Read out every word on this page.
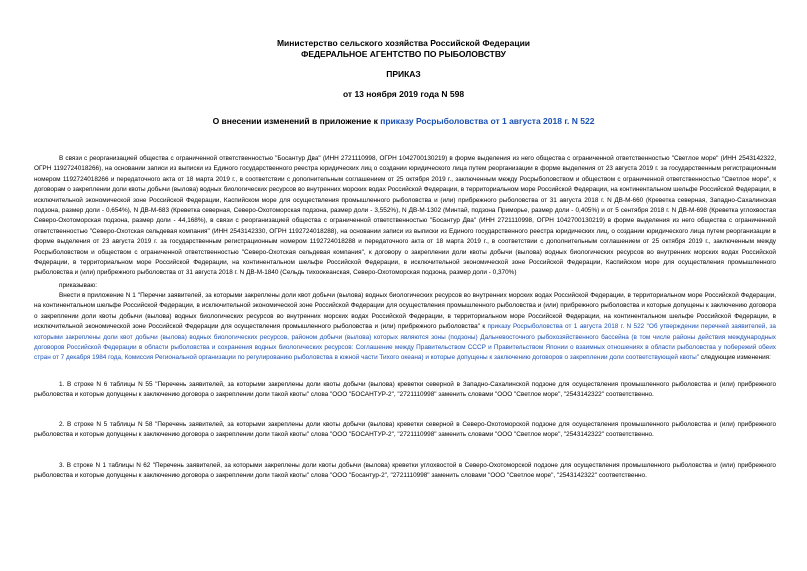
Министерство сельского хозяйства Российской Федерации
ФЕДЕРАЛЬНОЕ АГЕНТСТВО ПО РЫБОЛОВСТВУ
ПРИКАЗ
от 13 ноября 2019 года N 598
О внесении изменений в приложение к приказу Росрыболовства от 1 августа 2018 г. N 522
В связи с реорганизацией общества с ограниченной ответственностью "Босантур Два" (ИНН 2721110998, ОГРН 1042700130219) в форме выделения из него общества с ограниченной ответственностью "Светлое море" (ИНН 2543142322, ОГРН 1192724018266), на основании записи из выписки из Единого государственного реестра юридических лиц о создании юридического лица путем реорганизации в форме выделения от 23 августа 2019 г. за государственным регистрационным номером 1192724018266 и передаточного акта от 18 марта 2019 г., в соответствии с дополнительным соглашением от 25 октября 2019 г., заключенным между Росрыболовством и обществом с ограниченной ответственностью "Светлое море", к договорам о закреплении доли квоты добычи (вылова) водных биологических ресурсов во внутренних морских водах Российской Федерации, в территориальном море Российской Федерации, на континентальном шельфе Российской Федерации, в исключительной экономической зоне Российской Федерации, Каспийском море для осуществления промышленного рыболовства и (или) прибрежного рыболовства от 31 августа 2018 г. N ДВ-М-660 (Креветка северная, Западно-Сахалинская подзона, размер доли - 0,654%), N ДВ-М-683 (Креветка северная, Северо-Охотоморская подзона, размер доли - 3,552%), N ДВ-М-1302 (Минтай, подзона Приморье, размер доли - 0,405%) и от 5 сентября 2018 г. N ДВ-М-698 (Креветка углохвостая Северо-Охотоморская подзона, размер доли - 44,168%), в связи с реорганизацией общества с ограниченной ответственностью "Босантур Два" (ИНН 2721110998, ОГРН 1042700130219) в форме выделения из него общества с ограниченной ответственностью "Северо-Охотская сельдевая компания" (ИНН 2543142330, ОГРН 1192724018288), на основании записи из выписки из Единого государственного реестра юридических лиц, о создании юридического лица путем реорганизации в форме выделения от 23 августа 2019 г. за государственным регистрационным номером 1192724018288 и передаточного акта от 18 марта 2019 г., в соответствии с дополнительным соглашением от 25 октября 2019 г., заключенным между Росрыболовством и обществом с ограниченной ответственностью "Северо-Охотская сельдевая компания", к договору о закреплении доли квоты добычи (вылова) водных биологических ресурсов во внутренних морских водах Российской Федерации, в территориальном море Российской Федерации, на континентальном шельфе Российской Федерации, в исключительной экономической зоне Российской Федерации, Каспийском море для осуществления промышленного рыболовства и (или) прибрежного рыболовства от 31 августа 2018 г. N ДВ-М-1840 (Сельдь тихоокеанская, Северо-Охотоморская подзона, размер доли - 0,370%)
приказываю:
Внести в приложение N 1 "Перечни заявителей, за которыми закреплены доли квот добычи (вылова) водных биологических ресурсов во внутренних морских водах Российской Федерации, в территориальном море Российской Федерации, на континентальном шельфе Российской Федерации, в исключительной экономической зоне Российской Федерации для осуществления промышленного рыболовства и (или) прибрежного рыболовства и которые допущены к заключению договора о закреплении доли квоты добычи (вылова) водных биологических ресурсов во внутренних морских водах Российской Федерации, в территориальном море Российской Федерации, на континентальном шельфе Российской Федерации, в исключительной экономической зоне Российской Федерации для осуществления промышленного рыболовства и (или) прибрежного рыболовства" к приказу Росрыболовства от 1 августа 2018 г. N 522 "Об утверждении перечней заявителей, за которыми закреплены доли квот добычи (вылова) водных биологических ресурсов, районом добычи (вылова) которых являются зоны (подзоны) Дальневосточного рыбохозяйственного бассейна (в том числе районы действия международных договоров Российской Федерации в области рыболовства и сохранения водных биологических ресурсов: Соглашение между Правительством СССР и Правительством Японии о взаимных отношениях в области рыболовства у побережий обеих стран от 7 декабря 1984 года, Комиссия Региональной организации по регулированию рыболовства в южной части Тихого океана) и которые допущены к заключению договоров о закреплении доли соответствующей квоты" следующие изменения:
1. В строке N 6 таблицы N 55 "Перечень заявителей, за которыми закреплены доли квоты добычи (вылова) креветки северной в Западно-Сахалинской подзоне для осуществления промышленного рыболовства и (или) прибрежного рыболовства и которые допущены к заключению договора о закреплении доли такой квоты" слова "ООО "БОСАНТУР-2", "2721110998" заменить словами "ООО "Светлое море", "2543142322" соответственно.
2. В строке N 5 таблицы N 58 "Перечень заявителей, за которыми закреплены доли квоты добычи (вылова) креветки северной в Северо-Охотоморской подзоне для осуществления промышленного рыболовства и (или) прибрежного рыболовства и которые допущены к заключению договора о закреплении доли такой квоты" слова "ООО "БОСАНТУР-2", "2721110998" заменить словами "ООО "Светлое море", "2543142322" соответственно.
3. В строке N 1 таблицы N 62 "Перечень заявителей, за которыми закреплены доли квоты добычи (вылова) креветки углохвостой в Северо-Охотоморской подзоне для осуществления промышленного рыболовства и (или) прибрежного рыболовства и которые допущены к заключению договора о закреплении доли такой квоты" слова "ООО "Босантур-2", "2721110998" заменить словами "ООО "Светлое море", "2543142322" соответственно.
